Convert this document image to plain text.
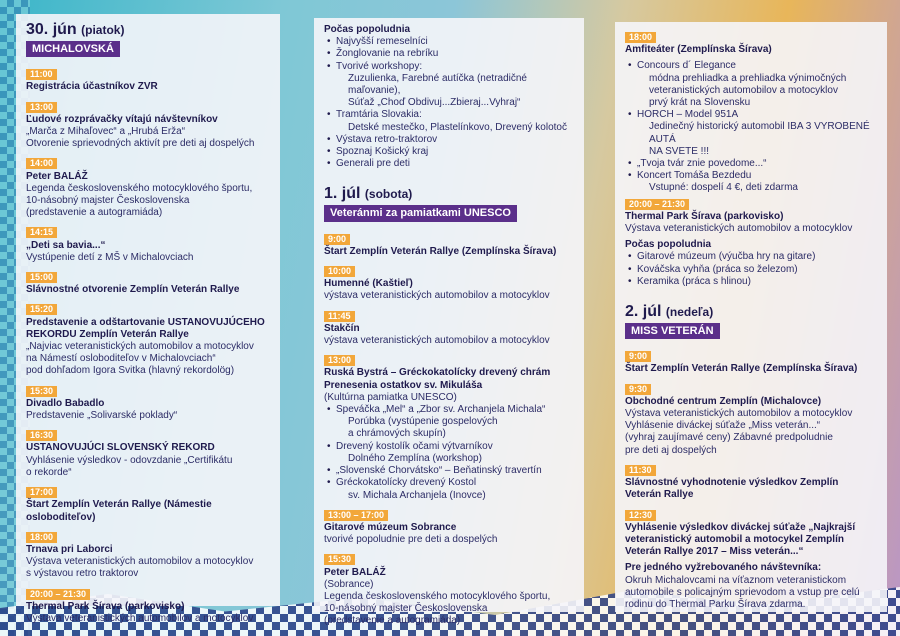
30. jún (piatok)
MICHALOVSKÁ
11:00
Registrácia účastníkov ZVR
13:00
Ľudové rozprávačky vítajú návštevníkov
„Marča z Mihaľovec“ a „Hrubá Erža“
Otvorenie sprievodných aktivít pre deti aj dospelých
14:00
Peter BALÁŽ
Legenda československého motocyklového športu,
10-násobný majster Československa
(predstavenie a autogramiáda)
14:15
„Deti sa bavia...“
Vystúpenie detí z MŠ v Michalovciach
15:00
Slávnostné otvorenie Zemplín Veterán Rallye
15:20
Predstavenie a odštartovanie USTANOVUJÚCEHO REKORDU Zemplín Veterán Rallye
„Najviac veteranistických automobilov a motocyklov
na Námestí osloboditeľov v Michalovciach“
pod dohľadom Igora Svitka (hlavný rekordolög)
15:30
Divadlo Babadlo
Predstavenie „Solivarské poklady“
16:30
USTANOVUJÚCI SLOVENSKÝ REKORD
Vyhlásenie výsledkov - odovzdanie „Certifikátu
o rekorde“
17:00
Štart Zemplín Veterán Rallye (Námestie osloboditeľov)
18:00
Trnava pri Laborci
Výstava veteranistických automobilov a motocyklov
s výstavou retro traktorov
20:00 – 21:30
Thermal Park Šírava (parkovisko)
Výstava veteranistických automobilov a motocyklov
Počas popoludnia
• Najvyšší remeselníci
• Žonglovanie na rebríku
• Tvorivé workshopy:
Zuzulienka, Farebné autíčka (netradičné maľovanie),
Súťaž „Choď Obdivuj...Zbieraj...Vyhraj“
• Tramtária Slovakia:
Detské mestečko, Plastelínkovo, Drevený kolotoč
• Výstava retro-traktorov
• Spoznaj Košický kraj
• Generali pre deti
1. júl (sobota)
Veteránmi za pamiatkami UNESCO
9:00
Štart Zemplín Veterán Rallye (Zemplínska Šírava)
10:00
Humenné (Kaštieľ)
výstava veteranistických automobilov a motocyklov
11:45
Stakčín
výstava veteranistických automobilov a motocyklov
13:00
Ruská Bystrá – Gréckokatolícky drevený chrám Prenesenia ostatkov sv. Mikuláša
(Kultúrna pamiatka UNESCO)
• Speváčka „Mel“ a „Zbor sv. Archanjela Michala“
Porúbka (vystúpenie gospelových
a chrámových skupín)
• Drevený kostolík očami výtvarníkov
Dolného Zemplína (workshop)
• „Slovenské Chorvátsko“ – Beňatinský travertín
• Gréckokatolícky drevený Kostol
sv. Michala Archanjela (Inovce)
13:00 – 17:00
Gitarové múzeum Sobrance
tvorivé popoludnie pre deti a dospelých
15:30
Peter BALÁŽ
(Sobrance)
Legenda československého motocyklového športu,
10-násobný majster Československa
(predstavenie a autogramiáda)
18:00
Amfiteáter (Zemplínska Šírava)
• Concours d´ Elegance
módna prehliadka a prehliadka výnimočných
veteranistických automobilov a motocyklov
prvý krát na Slovensku
• HORCH – Model 951A
Jedinečný historický automobil IBA 3 VYROBENÉ AUTÁ
NA SVETE !!!
• „Tvoja tvár znie povedome...“
• Koncert Tomáša Bezdedu
Vstupné: dospelí 4 €, deti zdarma
20:00 – 21:30
Thermal Park Šírava (parkovisko)
Výstava veteranistických automobilov a motocyklov
Počas popoludnia
• Gitarové múzeum (výučba hry na gitare)
• Kováčska vyhňa (práca so železom)
• Keramika (práca s hlinou)
2. júl (nedeľa)
MISS VETERÁN
9:00
Štart Zemplín Veterán Rallye (Zemplínska Šírava)
9:30
Obchodné centrum Zemplín (Michalovce)
Výstava veteranistických automobilov a motocyklov
Vyhlásenie diváckej súťaže „Miss veterán...“
(vyhraj zaujímavé ceny) Zábavné predpoludnie
pre deti aj dospelých
11:30
Slávnostné vyhodnotenie výsledkov Zemplín Veterán Rallye
12:30
Vyhlásenie výsledkov diváckej súťaže „Najkrajší veteranistický automobil a motocykel Zemplín Veterán Rallye 2017 – Miss veterán...“
Pre jedného vyžrebovaného návštevníka:
Okruh Michalovcami na víťaznom veteranistickom
automobile s policajným sprievodom a vstup pre celú
rodinu do Thermal Parku Šírava zdarma.
